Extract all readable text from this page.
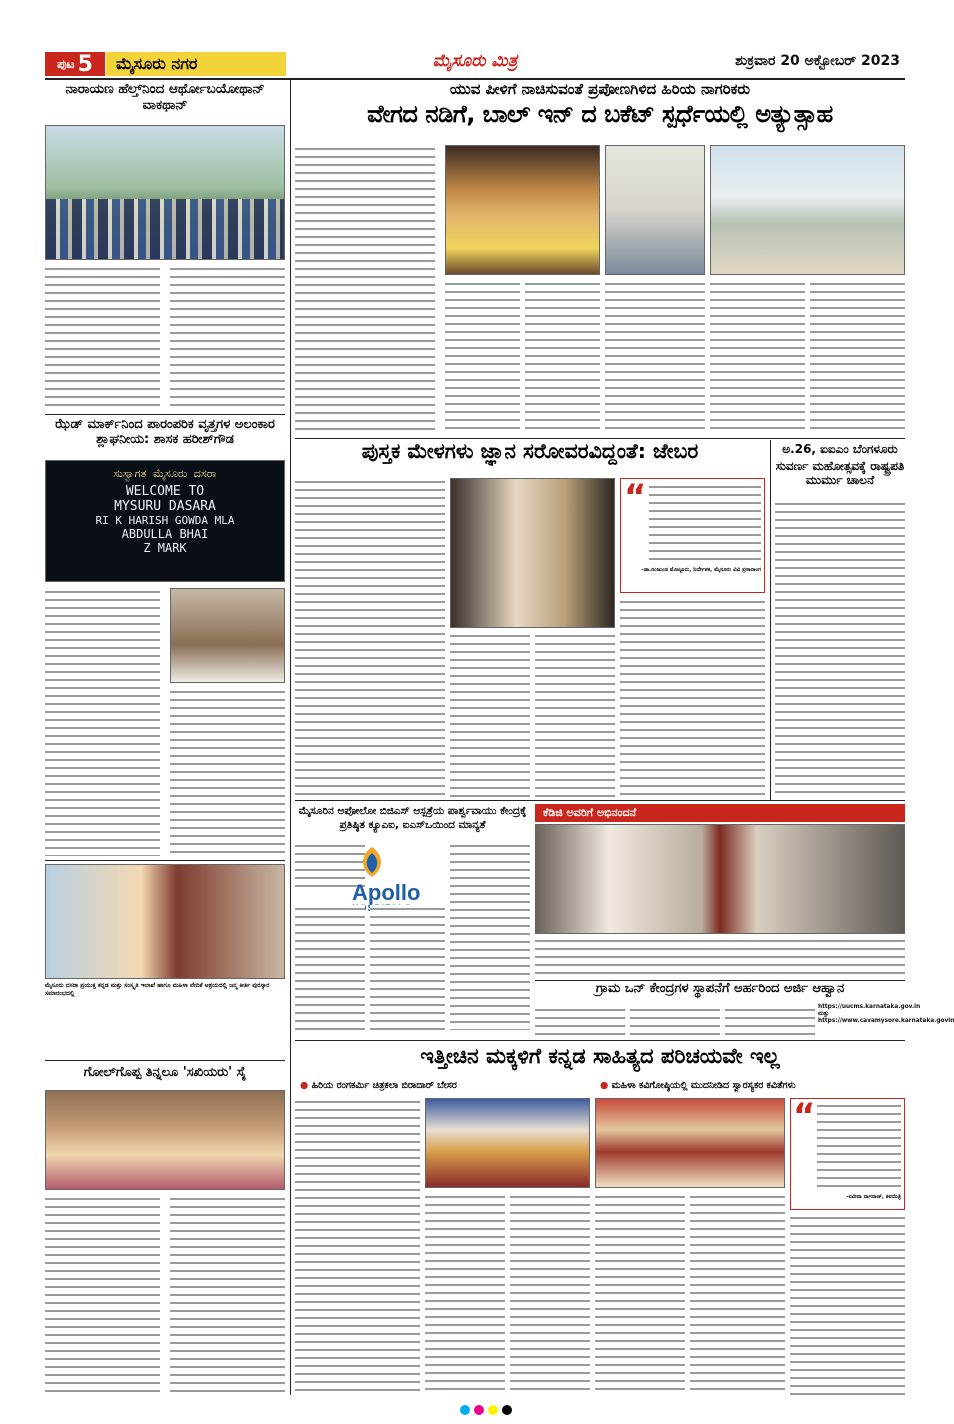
ಪುಟ 5	ಮೈಸೂರು ನಗರ	ಮೈಸೂರು ಮಿತ್ರ	ಶುಕ್ರವಾರ 20 ಅಕ್ಟೋಬರ್ 2023
ನಾರಾಯಣ ಹೆಲ್ತ್‌ನಿಂದ ಆರ್ಥೋಬಯೋಥಾನ್ ವಾಕಥಾನ್
ಝೆಡ್ ಮಾರ್ಕ್‌ನಿಂದ ಪಾರಂಪರಿಕ ವೃತ್ತಗಳ ಅಲಂಕಾರ ಶ್ಲಾಘನೀಯ: ಶಾಸಕ ಹರೀಶ್‌ಗೌಡ
ಸುಸ್ವಾಗತ ಮೈಸೂರು ದಸರಾ
WELCOME TO
MYSURU DASARA
RI K HARISH GOWDA MLA
ABDULLA BHAI
Z MARK
ಮೈಸೂರು ದಸರಾ ಪ್ರಯುಕ್ತ ಕನ್ನಡ ಮತ್ತು ಸಂಸ್ಕೃತಿ ಇಲಾಖೆ ಹಾಗೂ ಮಹಿಳಾ ವೇದಿಕೆ ಆಶ್ರಯದಲ್ಲಿ ಜನ್ಮ ಕೀರ್ತಿ ಪುರಸ್ಕಾರ ಸಮಾರಂಭದಲ್ಲಿ
ಗೋಲ್‌ಗೊಪ್ಪ ತಿನ್ನಲೂ 'ಸಖಿಯರು' ಸೈ
ಯುವ ಪೀಳಿಗೆ ನಾಚಿಸುವಂತೆ ಪ್ರಪೋಣಗಿಳಿದ ಹಿರಿಯ ನಾಗರಿಕರು
ವೇಗದ ನಡಿಗೆ, ಬಾಲ್ ಇನ್ ದ ಬಕೆಟ್ ಸ್ಪರ್ಧೆಯಲ್ಲಿ ಅತ್ಯುತ್ಸಾಹ
ಪುಸ್ತಕ ಮೇಳಗಳು ಜ್ಞಾನ ಸರೋವರವಿದ್ದಂತೆ: ಜೇಬರ
“
-ಡಾ.ನಂಜುಂಡ ಮೊಟ್ಟೂರು, ನಿರ್ದೇಶಕ, ಮೈಸೂರು ವಿವಿ ಪ್ರಸಾರಾಂಗ
ಅ.26, ಐಐಎಂ ಬೆಂಗಳೂರು
ಸುವರ್ಣ ಮಹೋತ್ಸವಕ್ಕೆ ರಾಷ್ಟ್ರಪತಿ ಮುರ್ಮು ಚಾಲನೆ
ಮೈಸೂರಿನ ಅಪೋಲೋ ಬಿಜಿಎಸ್ ಆಸ್ಪತ್ರೆಯ ಪಾರ್ಶ್ವವಾಯು ಕೇಂದ್ರಕ್ಕೆ ಪ್ರತಿಷ್ಠಿತ ಕ್ಯೂಎಐ, ಐಎಸ್‌ಒಯಿಂದ ಮಾನ್ಯತೆ
Apollo
ಕೆಡಿಜಿ ಅವರಿಗೆ ಅಭಿನಂದನೆ
ಗ್ರಾಮ ಒನ್ ಕೇಂದ್ರಗಳ ಸ್ಥಾಪನೆಗೆ ಅರ್ಹರಿಂದ ಅರ್ಜಿ ಆಹ್ವಾನ
https://uucms.karnataka.gov.in ಮತ್ತು https://www.cavamysore.karnataka.govin
ಇತ್ತೀಚಿನ ಮಕ್ಕಳಿಗೆ ಕನ್ನಡ ಸಾಹಿತ್ಯದ ಪರಿಚಯವೇ ಇಲ್ಲ
● ಹಿರಿಯ ರಂಗಕರ್ಮಿ ಚಿತ್ರಕಲಾ ಬಿರಾದಾರ್ ಬೇಸರ	● ಮಹಿಳಾ ಕವಿಗೋಷ್ಠಿಯಲ್ಲಿ ಮುದನೀಡಿದ ಸ್ವಾರಸ್ಯಕರ ಕವಿತೆಗಳು
“
-ನವೀನಾ ನಾಗರಾಜ್, ಕವಯಿತ್ರಿ
